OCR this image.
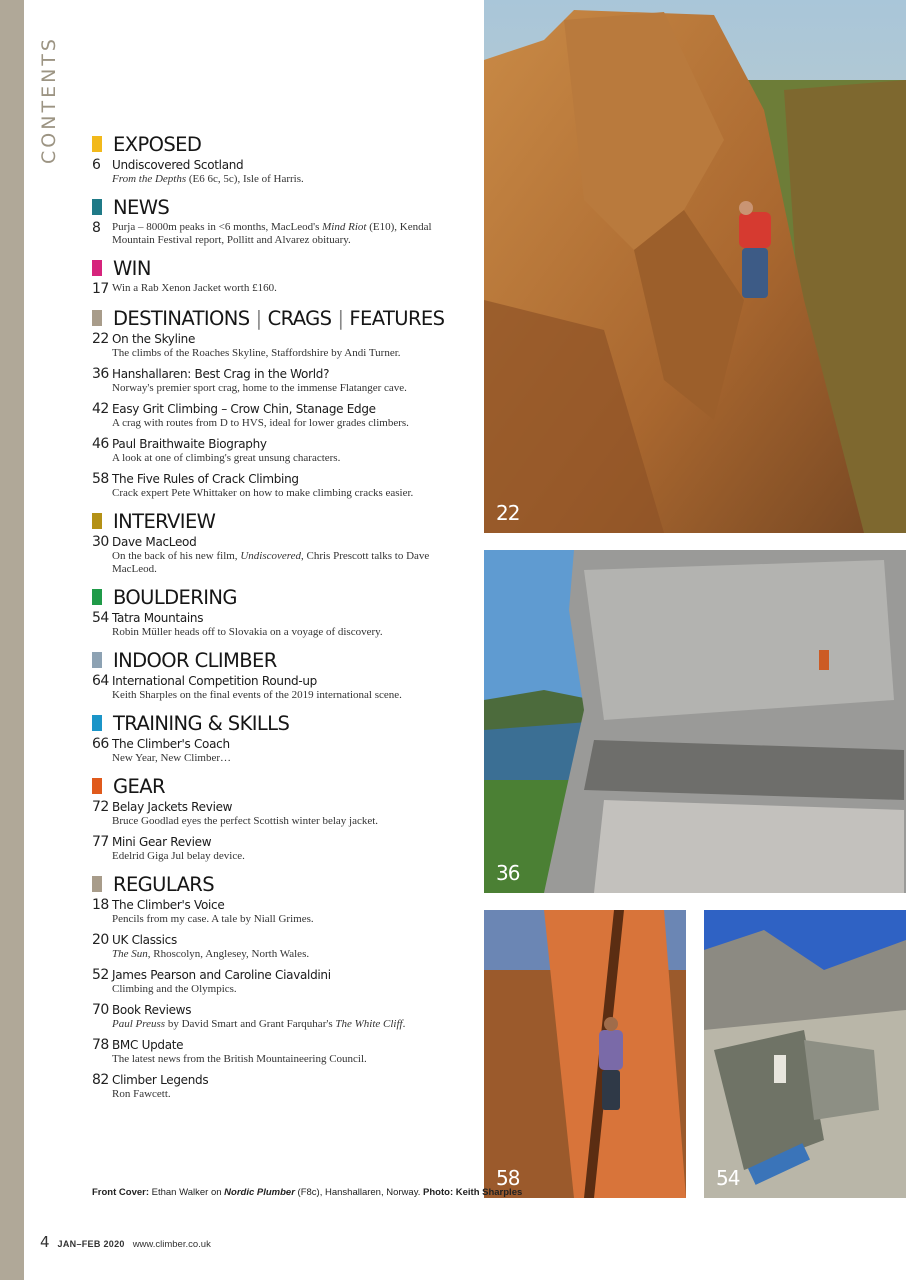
CONTENTS	EXPOSED
6 Undiscovered Scotland
From the Depths (E6 6c, 5c), Isle of Harris.
NEWS
8	Purja – 8000m peaks in <6 months, MacLeod's Mind Riot (E10), Kendal Mountain Festival report, Pollitt and Alvarez obituary.
WIN
17 Win a Rab Xenon Jacket worth £160.
DESTINATIONS | CRAGS | FEATURES
22 On the Skyline
The climbs of the Roaches Skyline, Staffordshire by Andi Turner.
36 Hanshallaren: Best Crag in the World?
Norway's premier sport crag, home to the immense Flatanger cave.
42 Easy Grit Climbing – Crow Chin, Stanage Edge
A crag with routes from D to HVS, ideal for lower grades climbers.
46 Paul Braithwaite Biography
A look at one of climbing's great unsung characters.
58 The Five Rules of Crack Climbing
Crack expert Pete Whittaker on how to make climbing cracks easier.
INTERVIEW
30 Dave MacLeod
On the back of his new film, Undiscovered, Chris Prescott talks to Dave MacLeod.
BOULDERING
54 Tatra Mountains
Robin Müller heads off to Slovakia on a voyage of discovery.
INDOOR CLIMBER
64 International Competition Round-up
Keith Sharples on the final events of the 2019 international scene.
TRAINING & SKILLS
66 The Climber's Coach
New Year, New Climber…
GEAR
72 Belay Jackets Review
Bruce Goodlad eyes the perfect Scottish winter belay jacket.
77 Mini Gear Review
Edelrid Giga Jul belay device.
REGULARS
18 The Climber's Voice
Pencils from my case. A tale by Niall Grimes.
20 UK Classics
The Sun, Rhoscolyn, Anglesey, North Wales.
52 James Pearson and Caroline Ciavaldini
Climbing and the Olympics.
70 Book Reviews
Paul Preuss by David Smart and Grant Farquhar's The White Cliff.
78 BMC Update
The latest news from the British Mountaineering Council.
82 Climber Legends
Ron Fawcett.
22
36
58	54
Front Cover: Ethan Walker on Nordic Plumber (F8c), Hanshallaren, Norway. Photo: Keith Sharples
4 JAN–FEB 2020 www.climber.co.uk
